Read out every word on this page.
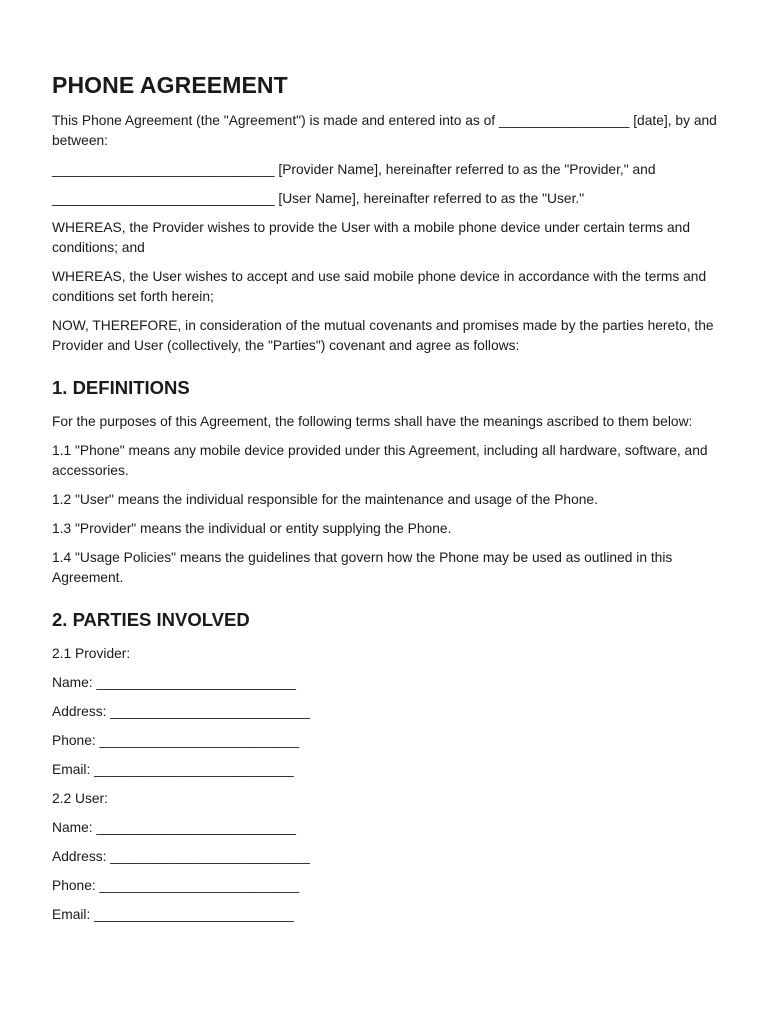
PHONE AGREEMENT

This Phone Agreement (the "Agreement") is made and entered into as of _________________ [date], by and between:

_____________________________ [Provider Name], hereinafter referred to as the "Provider," and

_____________________________ [User Name], hereinafter referred to as the "User."

WHEREAS, the Provider wishes to provide the User with a mobile phone device under certain terms and conditions; and

WHEREAS, the User wishes to accept and use said mobile phone device in accordance with the terms and conditions set forth herein;

NOW, THEREFORE, in consideration of the mutual covenants and promises made by the parties hereto, the Provider and User (collectively, the "Parties") covenant and agree as follows:

1. DEFINITIONS

For the purposes of this Agreement, the following terms shall have the meanings ascribed to them below:

1.1 "Phone" means any mobile device provided under this Agreement, including all hardware, software, and accessories.

1.2 "User" means the individual responsible for the maintenance and usage of the Phone.

1.3 "Provider" means the individual or entity supplying the Phone.

1.4 "Usage Policies" means the guidelines that govern how the Phone may be used as outlined in this Agreement.

2. PARTIES INVOLVED
2.1 Provider:
Name: __________________________
Address: __________________________
Phone: __________________________
Email: __________________________
2.2 User:
Name: __________________________
Address: __________________________
Phone: __________________________
Email: __________________________
